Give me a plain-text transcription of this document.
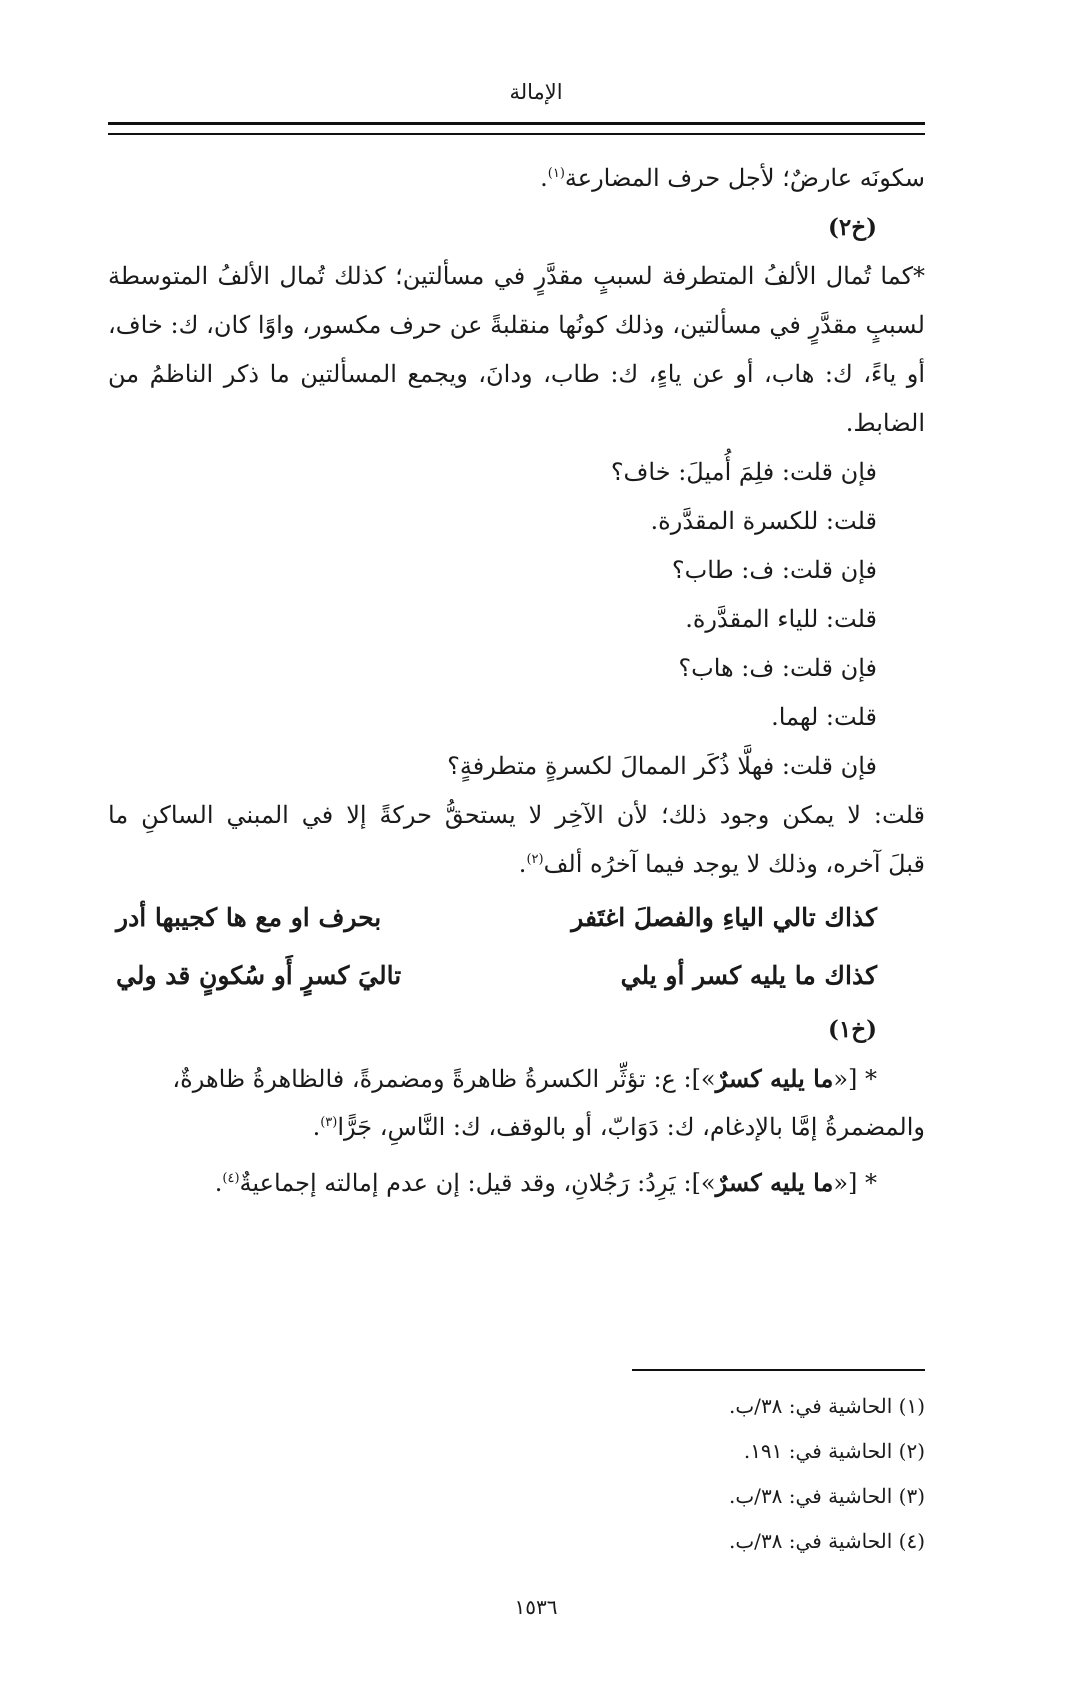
الإمالة
سكونَه عارضٌ؛ لأجل حرف المضارعة$^{(١)}$.
(خ٢)
*كما تُمال الألفُ المتطرفة لسببٍ مقدَّرٍ في مسألتين؛ كذلك تُمال الألفُ المتوسطة
لسببٍ مقدَّرٍ في مسألتين، وذلك كونُها منقلبةً عن حرف مكسور، واوًا كان، ك: خاف،
أو ياءً، ك: هاب، أو عن ياءٍ، ك: طاب، ودانَ، ويجمع المسألتين ما ذكر الناظمُ من
الضابط.
فإن قلت: فلِمَ أُميلَ: خاف؟
قلت: للكسرة المقدَّرة.
فإن قلت: ف: طاب؟
قلت: للياء المقدَّرة.
فإن قلت: ف: هاب؟
قلت: لهما.
فإن قلت: فهلَّا ذُكَر الممالَ لكسرةٍ متطرفةٍ؟
قلت: لا يمكن وجود ذلك؛ لأن الآخِر لا يستحقُّ حركةً إلا في المبني الساكنِ ما
قبلَ آخره، وذلك لا يوجد فيما آخرُه ألف$^{(٢)}$.
كذاك تالي الياءِ والفصلَ اغتَفر
بحرف او مع ها كجيبها أدر
كذاك ما يليه كسر أو يلي
تاليَ كسرٍ أَو سُكونٍ قد ولي
(خ١)
* [«ما يليه كسرٌ»]: ع: تؤثِّر الكسرةُ ظاهرةً ومضمرةً، فالظاهرةُ ظاهرةٌ،
والمضمرةُ إمَّا بالإدغام، ك: دَوَابّ، أو بالوقف، ك: النَّاسِ، جَرًّا$^{(٣)}$.
* [«ما يليه كسرٌ»]: يَرِدُ: رَجُلانِ، وقد قيل: إن عدم إمالته إجماعيةٌ$^{(٤)}$.
(١) الحاشية في: ٣٨/ب.
(٢) الحاشية في: ١٩١.
(٣) الحاشية في: ٣٨/ب.
(٤) الحاشية في: ٣٨/ب.
١٥٣٦
